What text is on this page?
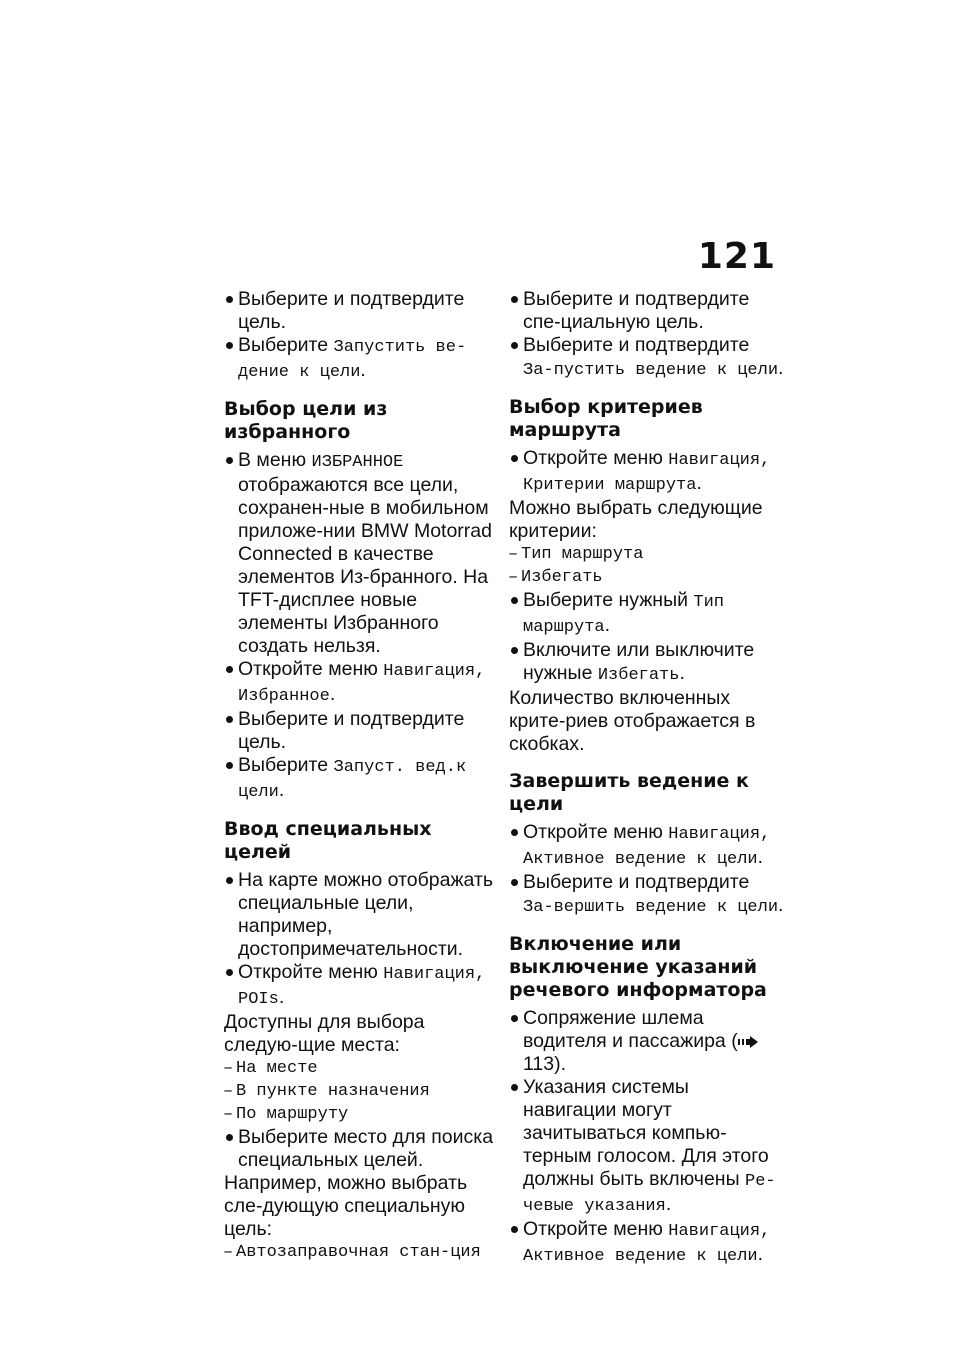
121

Выберите и подтвердите цель.

Выберите Запустить ве-дение к цели.

Выбор цели из избранного

В меню ИЗБРАННОЕ отображаются все цели, сохранен-ные в мобильном приложе-нии BMW Motorrad Connected в качестве элементов Из-бранного. На TFT-дисплее новые элементы Избранного создать нельзя.

Откройте меню Навигация, Избранное.

Выберите и подтвердите цель.

Выберите Запуст. вед.к цели.

Ввод специальных целей

На карте можно отображать специальные цели, например, достопримечательности.

Откройте меню Навигация, POIs.

Доступны для выбора следую-щие места:

– На месте

– В пункте назначения

– По маршруту

Выберите место для поиска специальных целей.

Например, можно выбрать сле-дующую специальную цель:

– Автозаправочная стан-ция

Выберите и подтвердите спе-циальную цель.

Выберите и подтвердите За-пустить ведение к цели.

Выбор критериев маршрута

Откройте меню Навигация, Критерии маршрута.

Можно выбрать следующие критерии:

– Тип маршрута

– Избегать

Выберите нужный Тип маршрута.

Включите или выключите нужные Избегать.

Количество включенных крите-риев отображается в скобках.

Завершить ведение к цели

Откройте меню Навигация, Активное ведение к цели.

Выберите и подтвердите За-вершить ведение к цели.

Включение или выключение указаний речевого информатора

Сопряжение шлема водителя и пассажира ( 113).

Указания системы навигации могут зачитываться компью-терным голосом. Для этого должны быть включены Ре-чевые указания.

Откройте меню Навигация, Активное ведение к цели.
